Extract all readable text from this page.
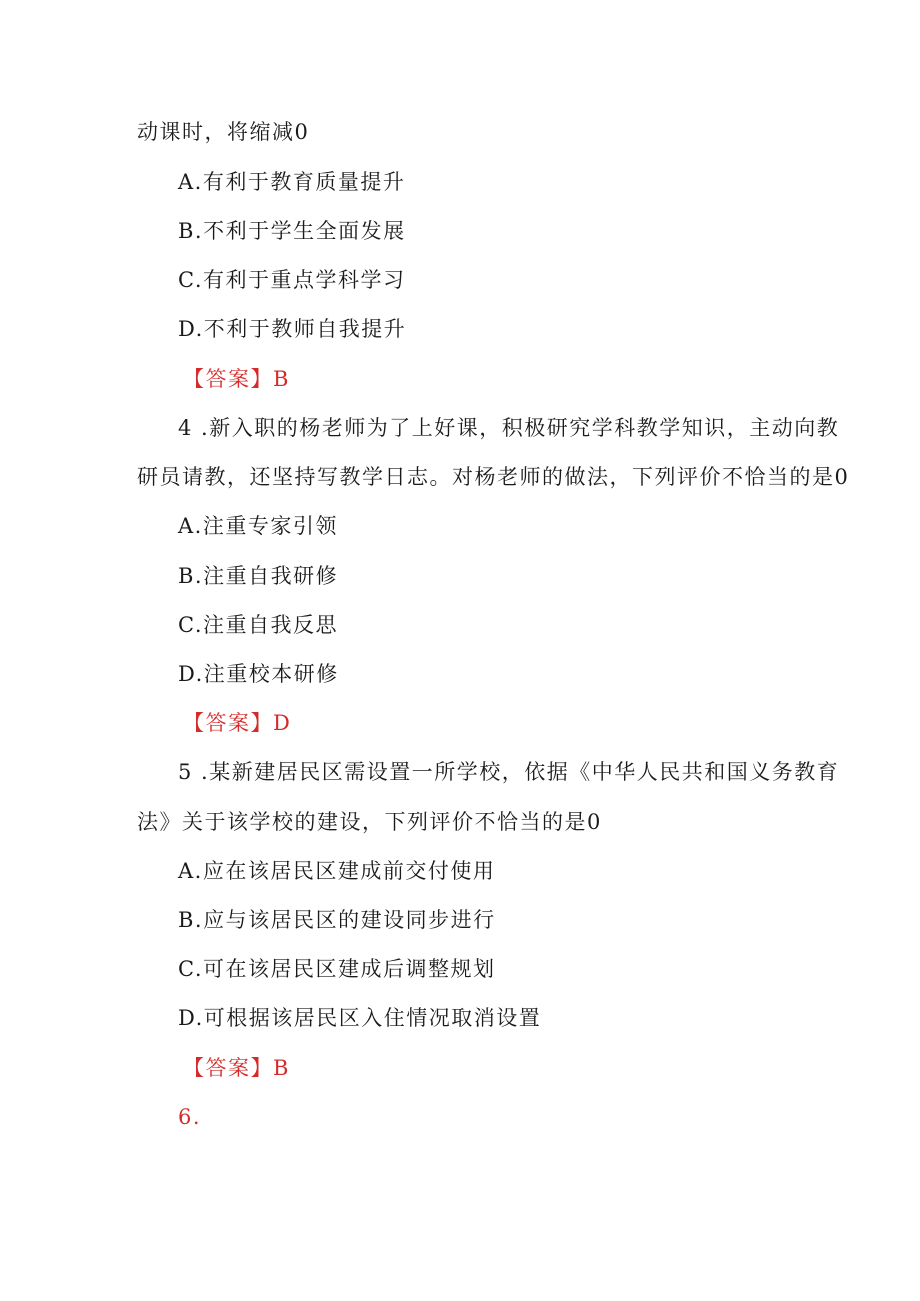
动课时，将缩减0
A.有利于教育质量提升
B.不利于学生全面发展
C.有利于重点学科学习
D.不利于教师自我提升
【答案】B
4 .新入职的杨老师为了上好课，积极研究学科教学知识，主动向教
研员请教，还坚持写教学日志。对杨老师的做法，下列评价不恰当的是0
A.注重专家引领
B.注重自我研修
C.注重自我反思
D.注重校本研修
【答案】D
5 .某新建居民区需设置一所学校，依据《中华人民共和国义务教育
法》关于该学校的建设，下列评价不恰当的是0
A.应在该居民区建成前交付使用
B.应与该居民区的建设同步进行
C.可在该居民区建成后调整规划
D.可根据该居民区入住情况取消设置
【答案】B
6.
